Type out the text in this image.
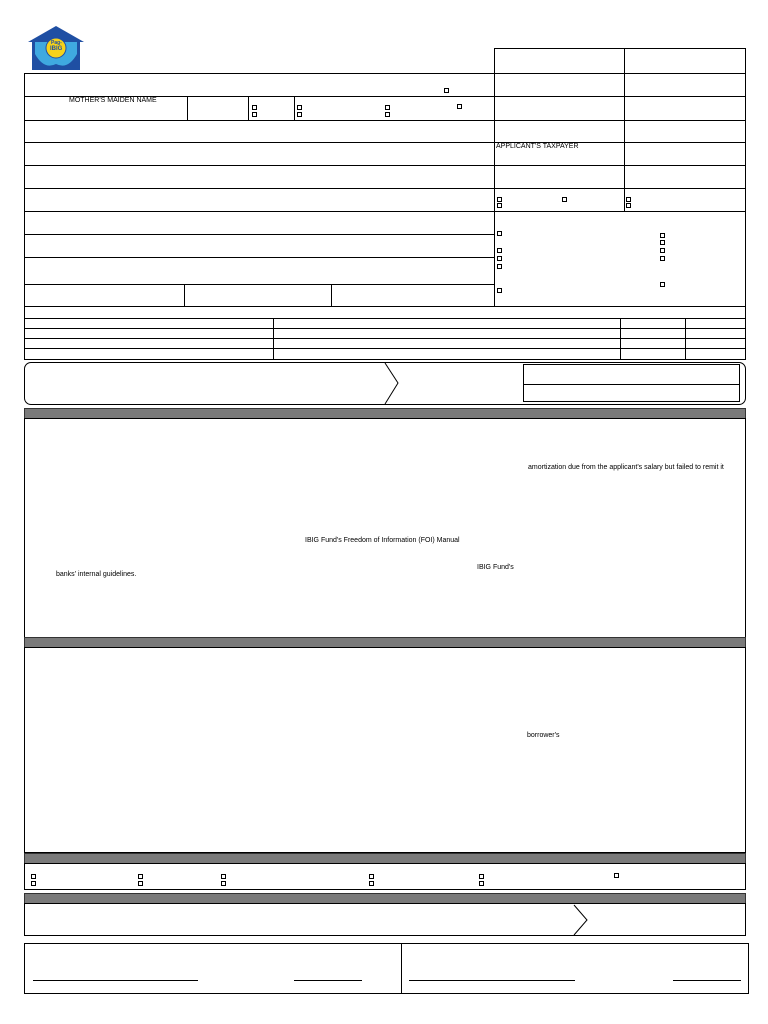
Pag-
IBIG
MOTHER'S MAIDEN NAME
APPLICANT'S TAXPAYER
amortization due from the applicant's salary but failed to remit it
IBIG Fund's Freedom of Information (FOI) Manual
IBIG Fund's
banks' internal guidelines.
borrower's
